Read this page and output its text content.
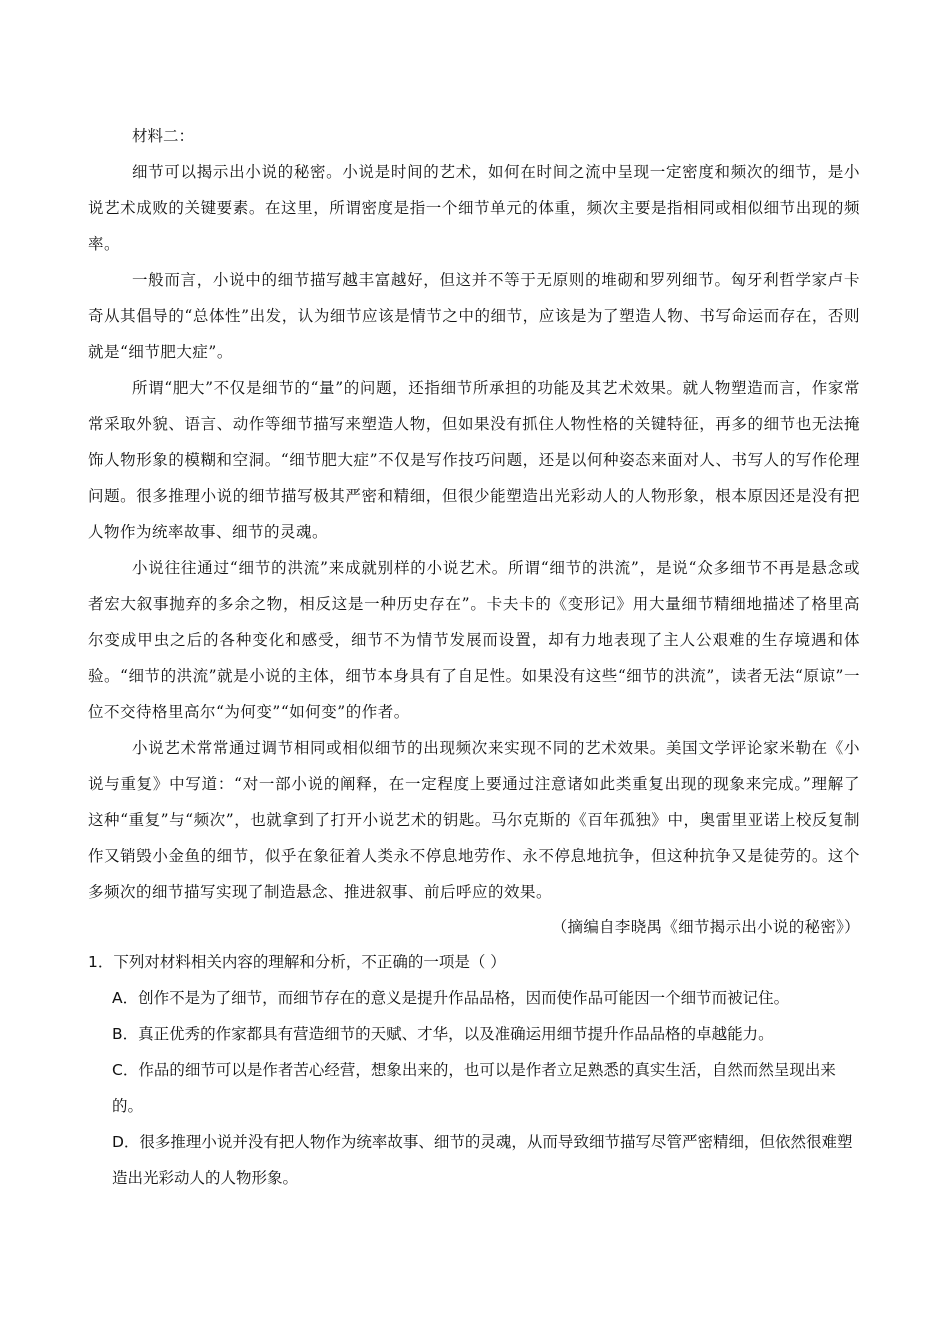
材料二：

细节可以揭示出小说的秘密。小说是时间的艺术，如何在时间之流中呈现一定密度和频次的细节，是小说艺术成败的关键要素。在这里，所谓密度是指一个细节单元的体重，频次主要是指相同或相似细节出现的频率。

一般而言，小说中的细节描写越丰富越好，但这并不等于无原则的堆砌和罗列细节。匈牙利哲学家卢卡奇从其倡导的“总体性”出发，认为细节应该是情节之中的细节，应该是为了塑造人物、书写命运而存在，否则就是“细节肥大症”。

所谓“肥大”不仅是细节的“量”的问题，还指细节所承担的功能及其艺术效果。就人物塑造而言，作家常常采取外貌、语言、动作等细节描写来塑造人物，但如果没有抓住人物性格的关键特征，再多的细节也无法掩饰人物形象的模糊和空洞。“细节肥大症”不仅是写作技巧问题，还是以何种姿态来面对人、书写人的写作伦理问题。很多推理小说的细节描写极其严密和精细，但很少能塑造出光彩动人的人物形象，根本原因还是没有把人物作为统率故事、细节的灵魂。

小说往往通过“细节的洪流”来成就别样的小说艺术。所谓“细节的洪流”，是说“众多细节不再是悬念或者宏大叙事抛弃的多余之物，相反这是一种历史存在”。卡夫卡的《变形记》用大量细节精细地描述了格里高尔变成甲虫之后的各种变化和感受，细节不为情节发展而设置，却有力地表现了主人公艰难的生存境遇和体验。“细节的洪流”就是小说的主体，细节本身具有了自足性。如果没有这些“细节的洪流”，读者无法“原谅”一位不交待格里高尔“为何变”“如何变”的作者。

小说艺术常常通过调节相同或相似细节的出现频次来实现不同的艺术效果。美国文学评论家米勒在《小说与重复》中写道：“对一部小说的阐释，在一定程度上要通过注意诸如此类重复出现的现象来完成。”理解了这种“重复”与“频次”，也就拿到了打开小说艺术的钥匙。马尔克斯的《百年孤独》中，奥雷里亚诺上校反复制作又销毁小金鱼的细节，似乎在象征着人类永不停息地劳作、永不停息地抗争，但这种抗争又是徒劳的。这个多频次的细节描写实现了制造悬念、推进叙事、前后呼应的效果。

（摘编自李晓禺《细节揭示出小说的秘密》）

1．下列对材料相关内容的理解和分析，不正确的一项是（ ）

A．创作不是为了细节，而细节存在的意义是提升作品品格，因而使作品可能因一个细节而被记住。

B．真正优秀的作家都具有营造细节的天赋、才华，以及准确运用细节提升作品品格的卓越能力。

C．作品的细节可以是作者苦心经营，想象出来的，也可以是作者立足熟悉的真实生活，自然而然呈现出来的。

D．很多推理小说并没有把人物作为统率故事、细节的灵魂，从而导致细节描写尽管严密精细，但依然很难塑造出光彩动人的人物形象。
